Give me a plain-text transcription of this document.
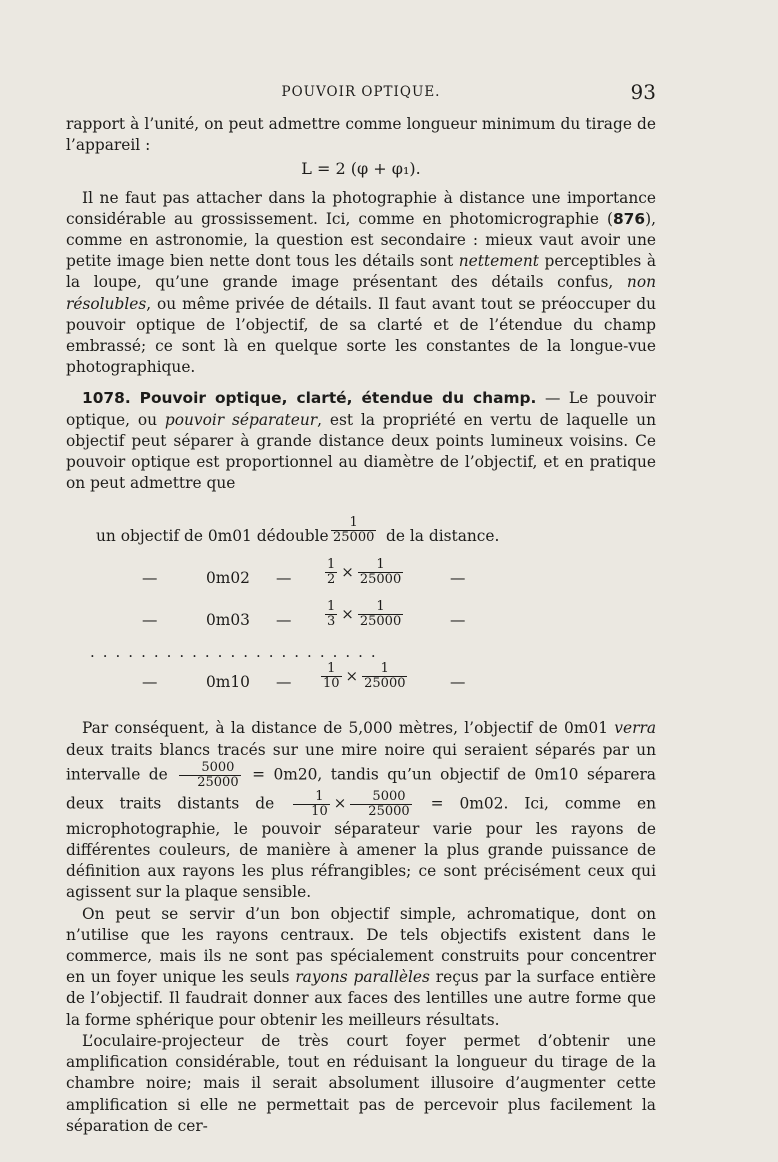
POUVOIR OPTIQUE.	93

rapport à l’unité, on peut admettre comme longueur minimum du tirage de l’appareil :

L = 2 (φ + φ₁).

Il ne faut pas attacher dans la photographie à distance une importance considérable au grossissement. Ici, comme en photomicrographie (876), comme en astronomie, la question est secondaire : mieux vaut avoir une petite image bien nette dont tous les détails sont nettement perceptibles à la loupe, qu’une grande image présentant des détails confus, non résolubles, ou même privée de détails. Il faut avant tout se préoccuper du pouvoir optique de l’objectif, de sa clarté et de l’étendue du champ embrassé; ce sont là en quelque sorte les constantes de la longue-vue photographique.

1078. Pouvoir optique, clarté, étendue du champ. — Le pouvoir optique, ou pouvoir séparateur, est la propriété en vertu de laquelle un objectif peut séparer à grande distance deux points lumineux voisins. Ce pouvoir optique est proportionnel au diamètre de l’objectif, et en pratique on peut admettre que

un objectif de 0m01 dédouble $\frac{1}{25000}$ de la distance.
—	0m02 —	$\frac{1}{2} \times \frac{1}{25000}$	—
—	0m03 —	$\frac{1}{3} \times \frac{1}{25000}$	—
.......................
—	0m10 — $\frac{1}{10} \times \frac{1}{25000}$	—

Par conséquent, à la distance de 5,000 mètres, l’objectif de 0m01 verra deux traits blancs tracés sur une mire noire qui seraient séparés par un intervalle de $\frac{5000}{25000} = 0m20$, tandis qu’un objectif de 0m10 séparera deux traits distants de $\frac{1}{10} \times \frac{5000}{25000} = 0m02$. Ici, comme en microphotographie, le pouvoir séparateur varie pour les rayons de différentes couleurs, de manière à amener la plus grande puissance de définition aux rayons les plus réfrangibles; ce sont précisément ceux qui agissent sur la plaque sensible.

On peut se servir d’un bon objectif simple, achromatique, dont on n’utilise que les rayons centraux. De tels objectifs existent dans le commerce, mais ils ne sont pas spécialement construits pour concentrer en un foyer unique les seuls rayons parallèles reçus par la surface entière de l’objectif. Il faudrait donner aux faces des lentilles une autre forme que la forme sphérique pour obtenir les meilleurs résultats.

L’oculaire-projecteur de très court foyer permet d’obtenir une amplification considérable, tout en réduisant la longueur du tirage de la chambre noire; mais il serait absolument illusoire d’augmenter cette amplification si elle ne permettait pas de percevoir plus facilement la séparation de cer-
